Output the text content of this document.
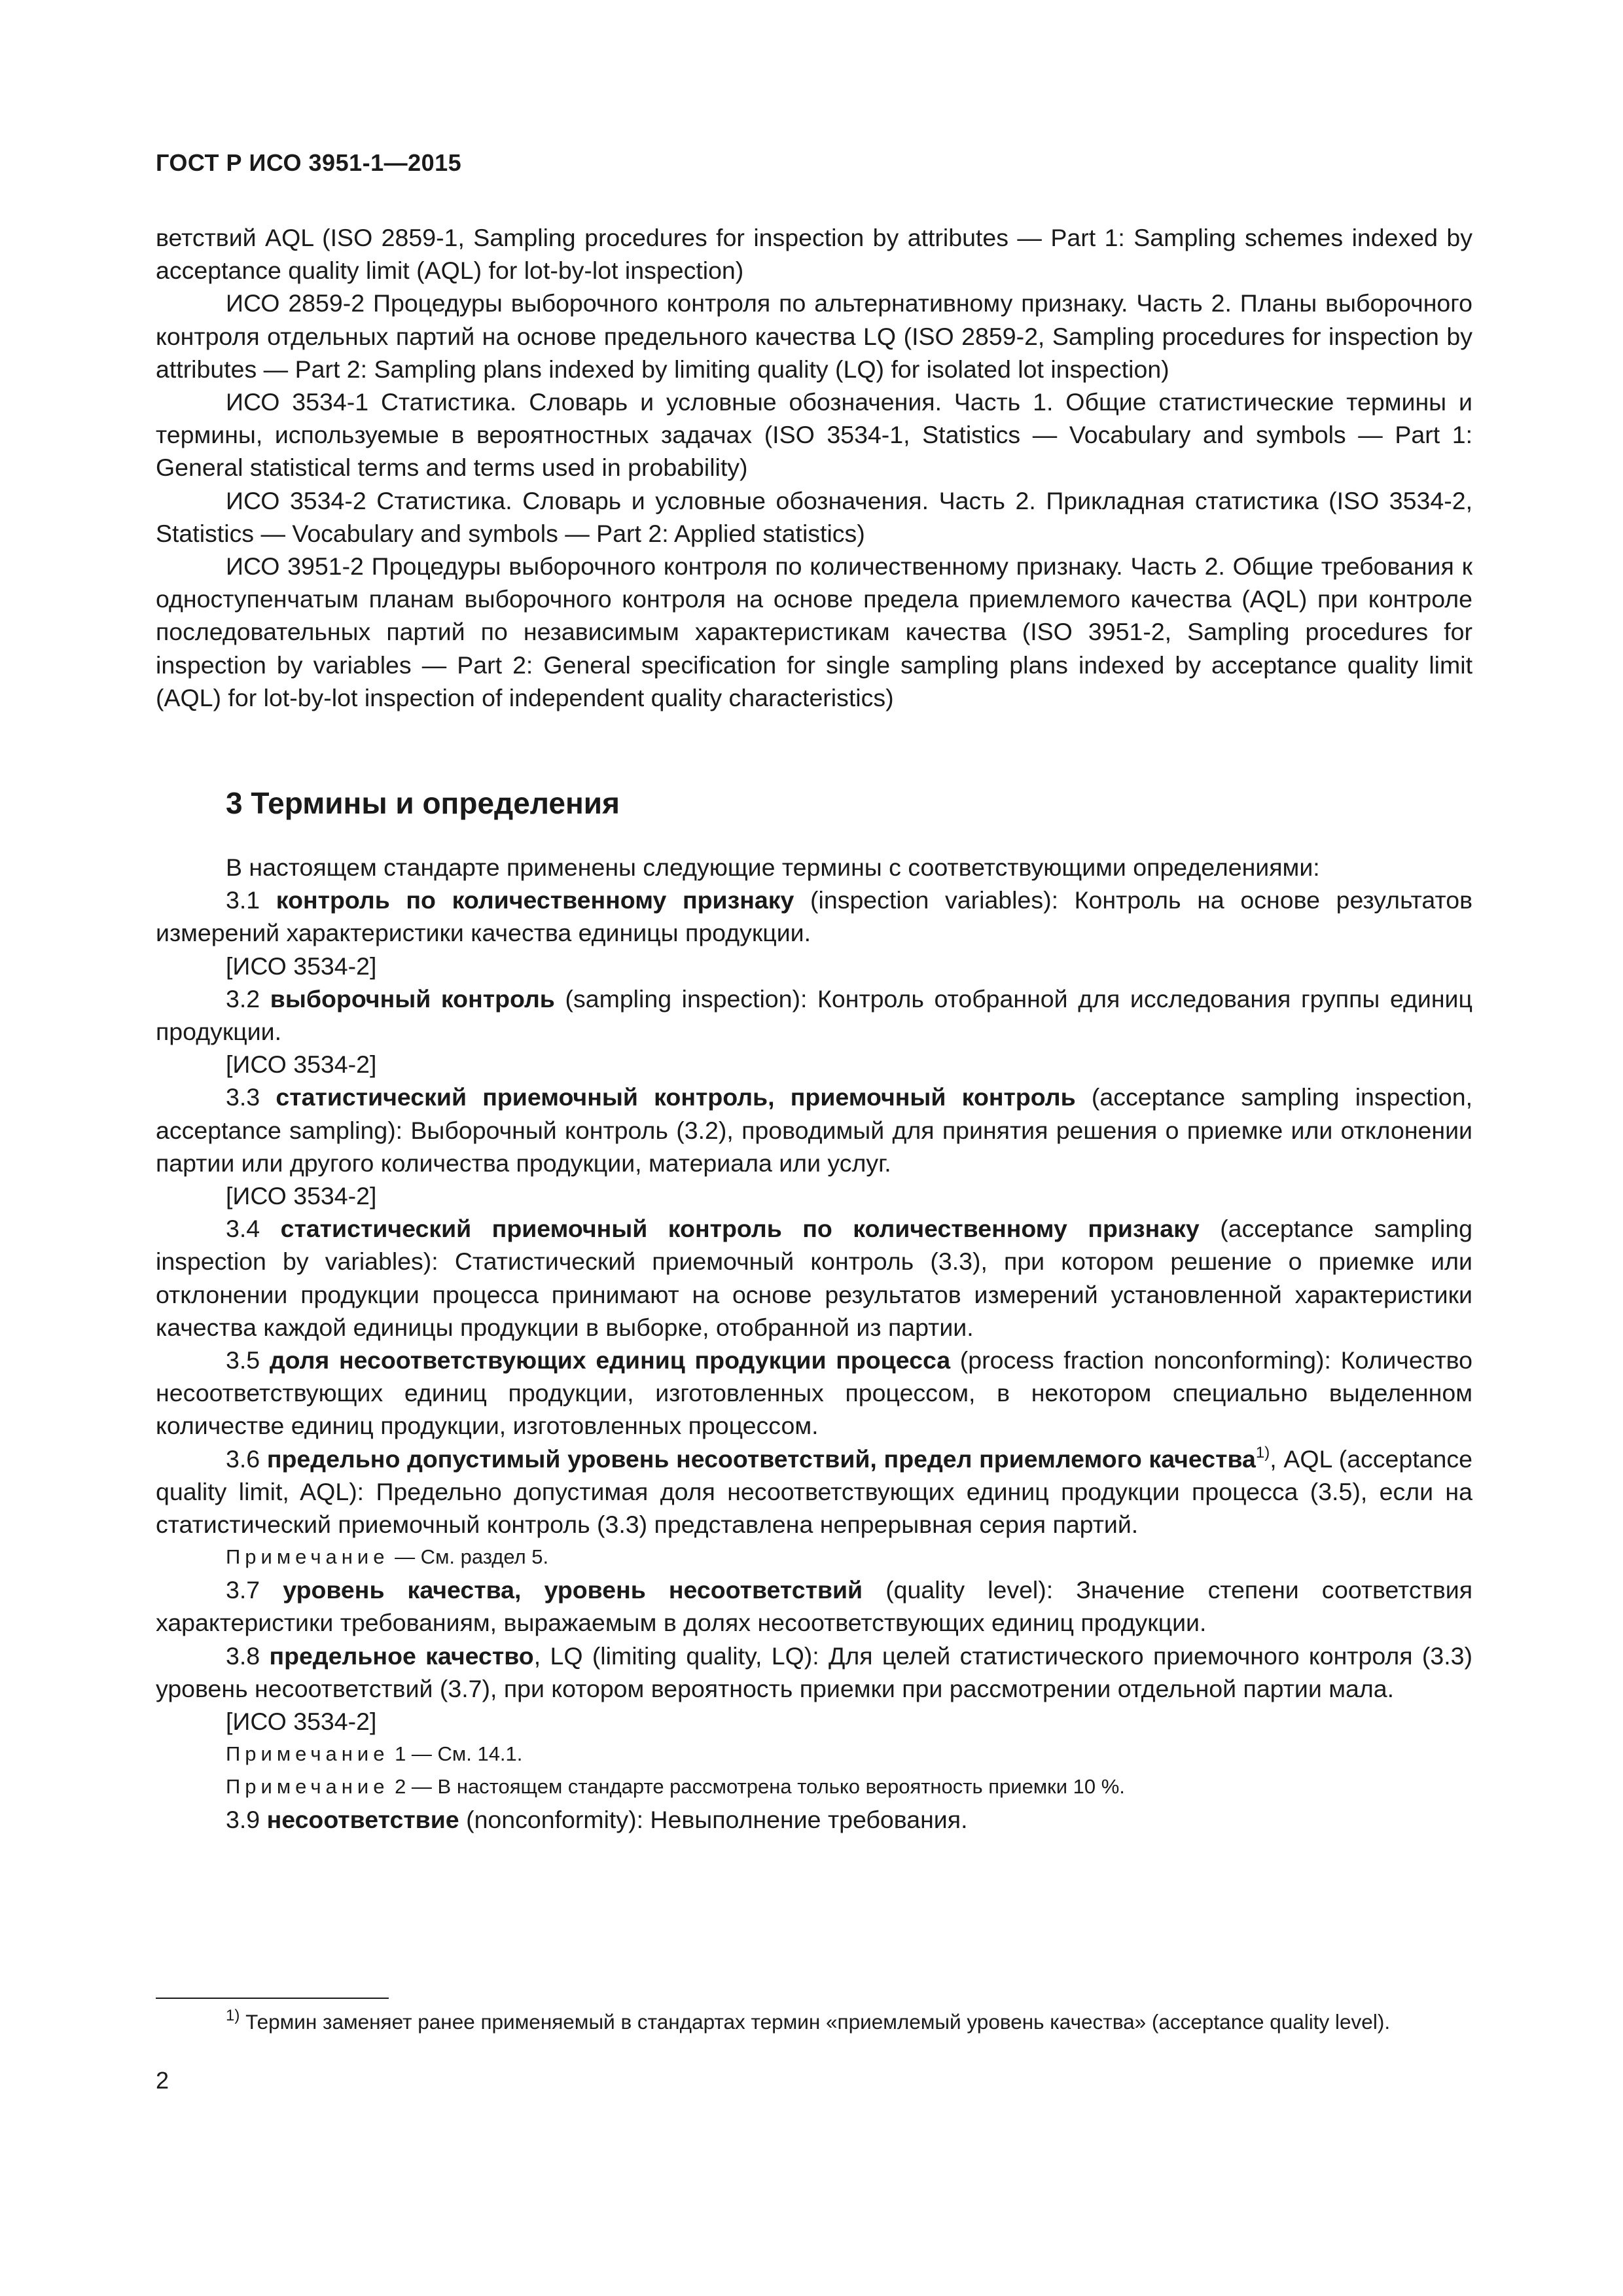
ГОСТ Р ИСО 3951-1—2015

ветствий AQL (ISO 2859-1, Sampling procedures for inspection by attributes — Part 1: Sampling schemes indexed by acceptance quality limit (AQL) for lot-by-lot inspection)

ИСО 2859-2 Процедуры выборочного контроля по альтернативному признаку. Часть 2. Планы выборочного контроля отдельных партий на основе предельного качества LQ (ISO 2859-2, Sampling procedures for inspection by attributes — Part 2: Sampling plans indexed by limiting quality (LQ) for isolated lot inspection)

ИСО 3534-1 Статистика. Словарь и условные обозначения. Часть 1. Общие статистические термины и термины, используемые в вероятностных задачах (ISO 3534-1, Statistics — Vocabulary and symbols — Part 1: General statistical terms and terms used in probability)

ИСО 3534-2 Статистика. Словарь и условные обозначения. Часть 2. Прикладная статистика (ISO 3534-2, Statistics — Vocabulary and symbols — Part 2: Applied statistics)

ИСО 3951-2 Процедуры выборочного контроля по количественному признаку. Часть 2. Общие требования к одноступенчатым планам выборочного контроля на основе предела приемлемого качества (AQL) при контроле последовательных партий по независимым характеристикам качества (ISO 3951-2, Sampling procedures for inspection by variables — Part 2: General specification for single sampling plans indexed by acceptance quality limit (AQL) for lot-by-lot inspection of independent quality characteristics)

3 Термины и определения

В настоящем стандарте применены следующие термины с соответствующими определениями:

3.1 контроль по количественному признаку (inspection variables): Контроль на основе результатов измерений характеристики качества единицы продукции.

[ИСО 3534-2]

3.2 выборочный контроль (sampling inspection): Контроль отобранной для исследования группы единиц продукции.

[ИСО 3534-2]

3.3 статистический приемочный контроль, приемочный контроль (acceptance sampling inspection, acceptance sampling): Выборочный контроль (3.2), проводимый для принятия решения о приемке или отклонении партии или другого количества продукции, материала или услуг.

[ИСО 3534-2]

3.4 статистический приемочный контроль по количественному признаку (acceptance sampling inspection by variables): Статистический приемочный контроль (3.3), при котором решение о приемке или отклонении продукции процесса принимают на основе результатов измерений установленной характеристики качества каждой единицы продукции в выборке, отобранной из партии.

3.5 доля несоответствующих единиц продукции процесса (process fraction nonconforming): Количество несоответствующих единиц продукции, изготовленных процессом, в некотором специально выделенном количестве единиц продукции, изготовленных процессом.

3.6 предельно допустимый уровень несоответствий, предел приемлемого качества$^{1)}$, AQL (acceptance quality limit, AQL): Предельно допустимая доля несоответствующих единиц продукции процесса (3.5), если на статистический приемочный контроль (3.3) представлена непрерывная серия партий.

Примечание — См. раздел 5.

3.7 уровень качества, уровень несоответствий (quality level): Значение степени соответствия характеристики требованиям, выражаемым в долях несоответствующих единиц продукции.

3.8 предельное качество, LQ (limiting quality, LQ): Для целей статистического приемочного контроля (3.3) уровень несоответствий (3.7), при котором вероятность приемки при рассмотрении отдельной партии мала.

[ИСО 3534-2]

Примечание 1 — См. 14.1.

Примечание 2 — В настоящем стандарте рассмотрена только вероятность приемки 10 %.

3.9 несоответствие (nonconformity): Невыполнение требования.

$^{1)}$ Термин заменяет ранее применяемый в стандартах термин «приемлемый уровень качества» (acceptance quality level).

2
